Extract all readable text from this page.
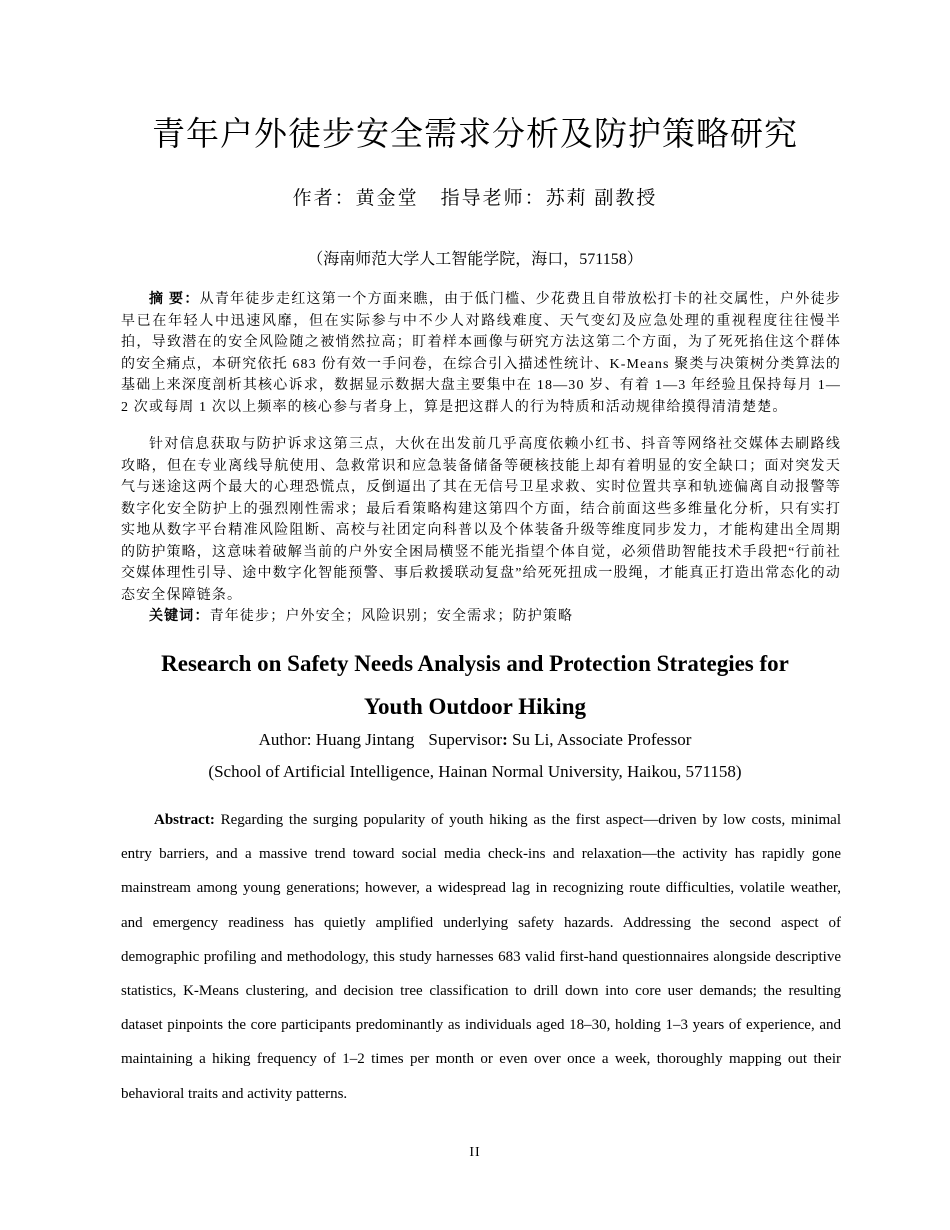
青年户外徒步安全需求分析及防护策略研究
作者：黄金堂 指导老师：苏莉 副教授
（海南师范大学人工智能学院，海口，571158）
摘 要：从青年徒步走红这第一个方面来瞧，由于低门槛、少花费且自带放松打卡的社交属性，户外徒步早已在年轻人中迅速风靡，但在实际参与中不少人对路线难度、天气变幻及应急处理的重视程度往往慢半拍，导致潜在的安全风险随之被悄然拉高；盯着样本画像与研究方法这第二个方面，为了死死掐住这个群体的安全痛点，本研究依托 683 份有效一手问卷，在综合引入描述性统计、K-Means 聚类与决策树分类算法的基础上来深度剖析其核心诉求，数据显示数据大盘主要集中在 18—30 岁、有着 1—3 年经验且保持每月 1—2 次或每周 1 次以上频率的核心参与者身上，算是把这群人的行为特质和活动规律给摸得清清楚楚。
针对信息获取与防护诉求这第三点，大伙在出发前几乎高度依赖小红书、抖音等网络社交媒体去刷路线攻略，但在专业离线导航使用、急救常识和应急装备储备等硬核技能上却有着明显的安全缺口；面对突发天气与迷途这两个最大的心理恐慌点，反倒逼出了其在无信号卫星求救、实时位置共享和轨迹偏离自动报警等数字化安全防护上的强烈刚性需求；最后看策略构建这第四个方面，结合前面这些多维量化分析，只有实打实地从数字平台精准风险阻断、高校与社团定向科普以及个体装备升级等维度同步发力，才能构建出全周期的防护策略，这意味着破解当前的户外安全困局横竖不能光指望个体自觉，必须借助智能技术手段把“行前社交媒体理性引导、途中数字化智能预警、事后救援联动复盘”给死死扭成一股绳，才能真正打造出常态化的动态安全保障链条。
关键词：青年徒步；户外安全；风险识别；安全需求；防护策略
Research on Safety Needs Analysis and Protection Strategies for
Youth Outdoor Hiking
Author: Huang Jintang Supervisor: Su Li, Associate Professor
(School of Artificial Intelligence, Hainan Normal University, Haikou, 571158)
Abstract: Regarding the surging popularity of youth hiking as the first aspect—driven by low costs, minimal entry barriers, and a massive trend toward social media check-ins and relaxation—the activity has rapidly gone mainstream among young generations; however, a widespread lag in recognizing route difficulties, volatile weather, and emergency readiness has quietly amplified underlying safety hazards. Addressing the second aspect of demographic profiling and methodology, this study harnesses 683 valid first-hand questionnaires alongside descriptive statistics, K-Means clustering, and decision tree classification to drill down into core user demands; the resulting dataset pinpoints the core participants predominantly as individuals aged 18–30, holding 1–3 years of experience, and maintaining a hiking frequency of 1–2 times per month or even over once a week, thoroughly mapping out their behavioral traits and activity patterns.
II
